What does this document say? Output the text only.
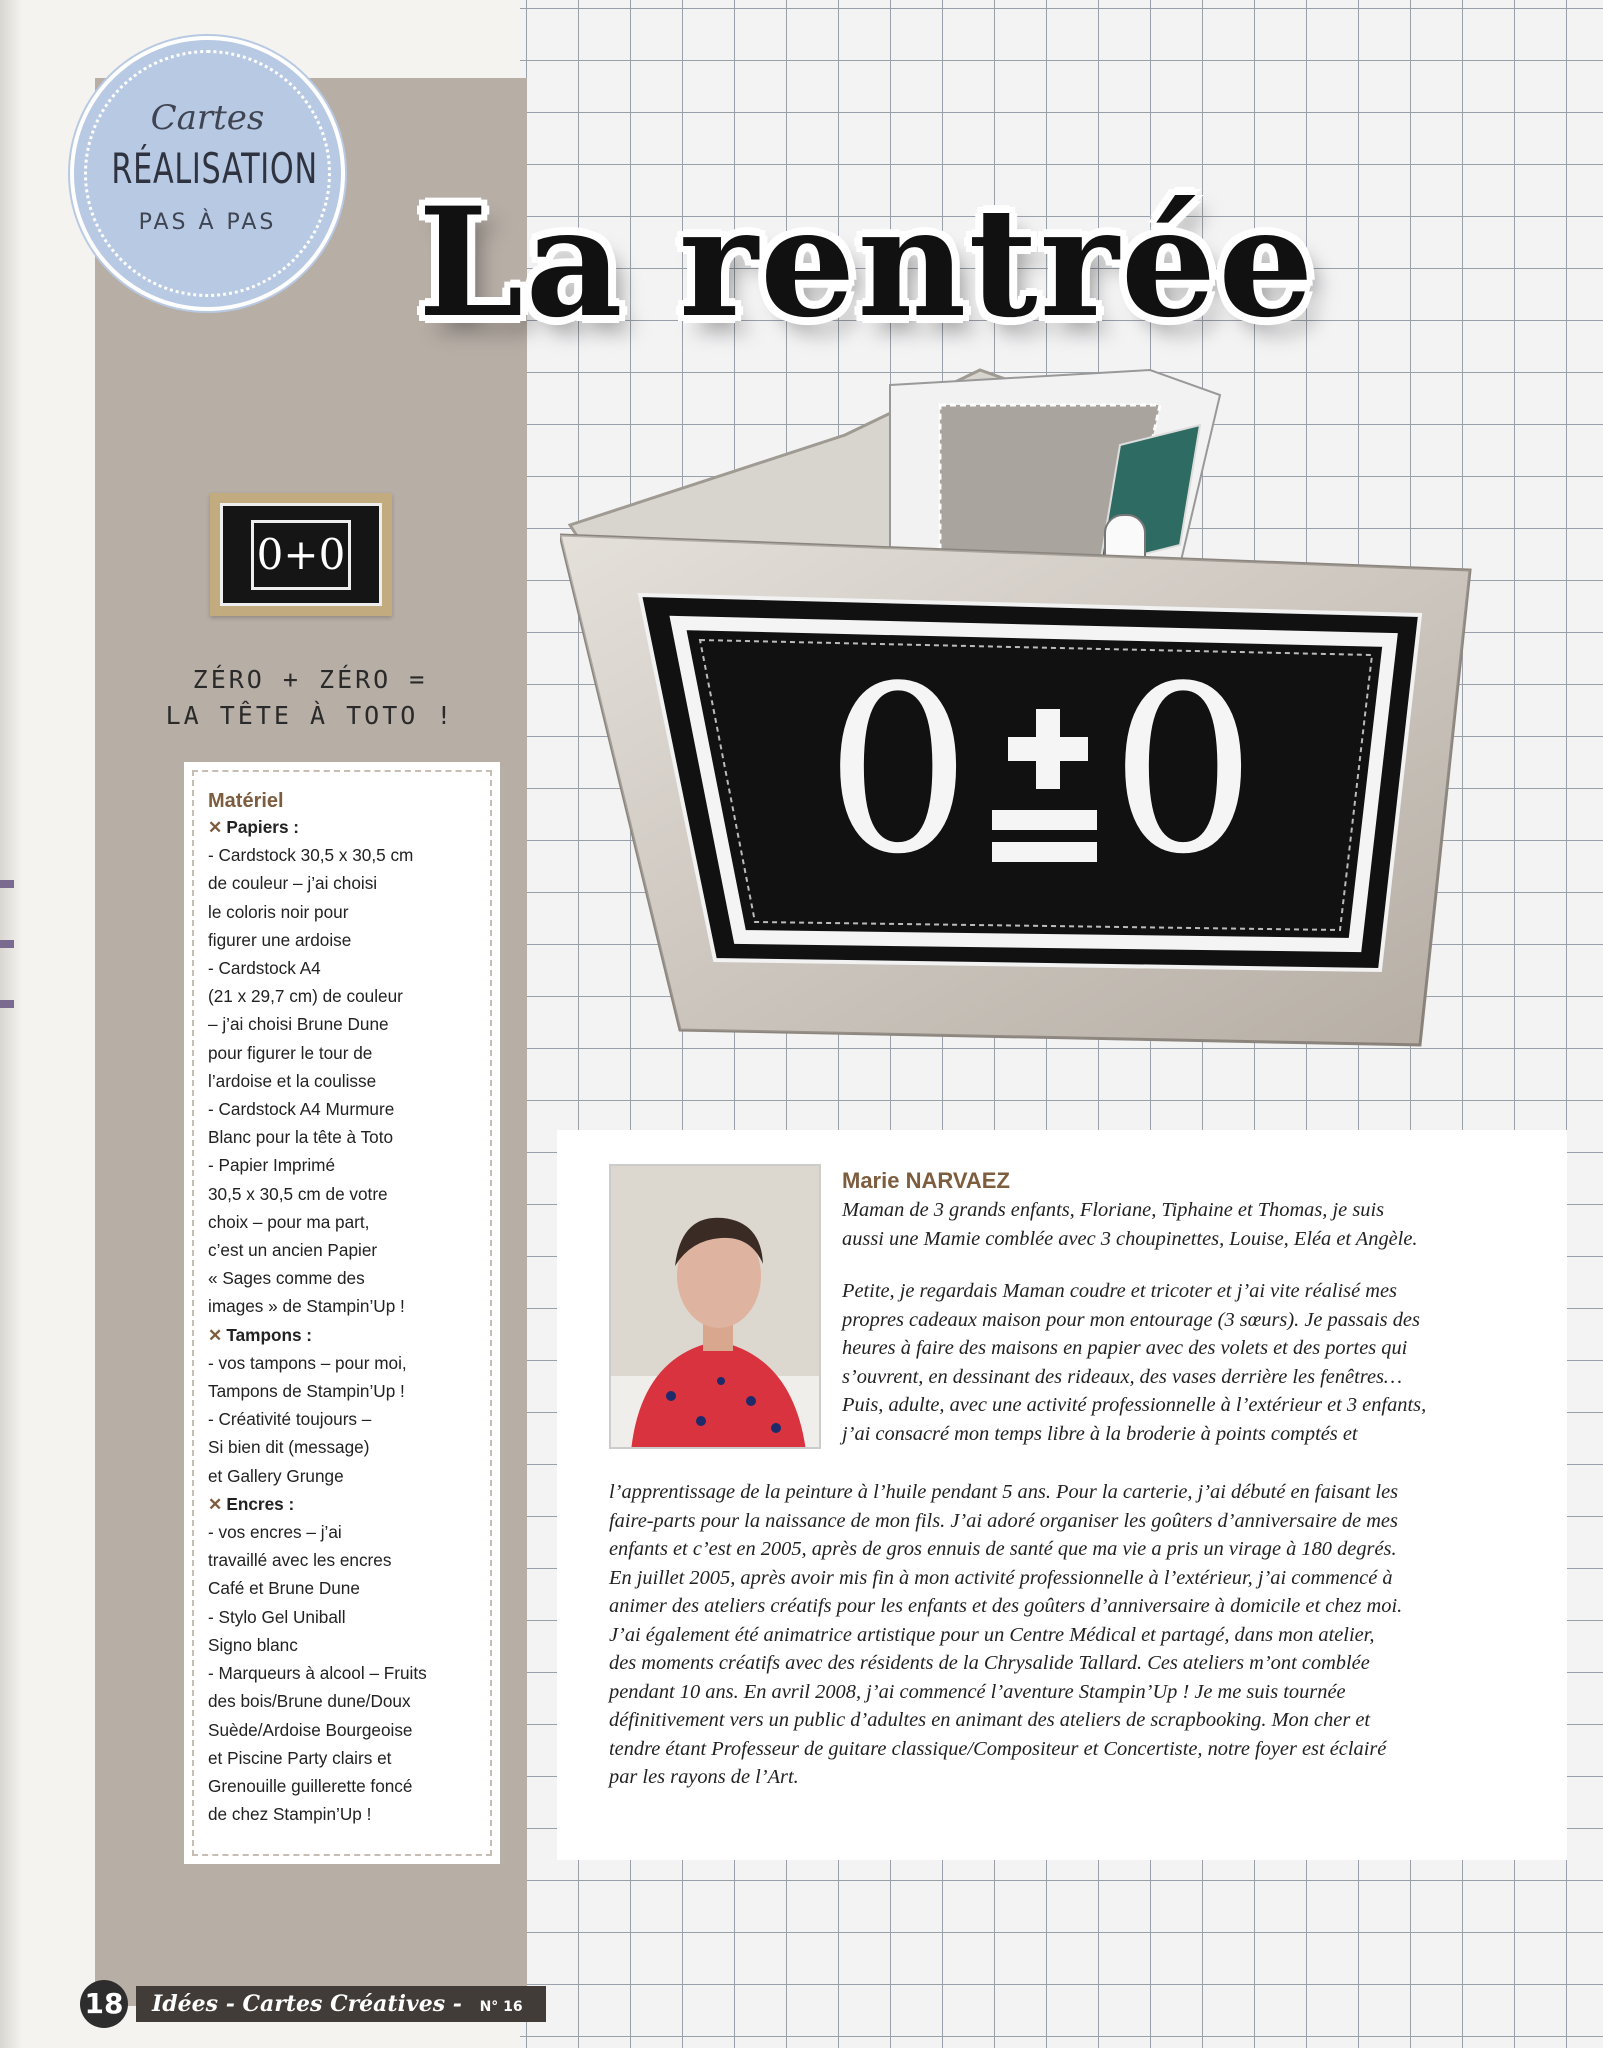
Cartes
RÉALISATION
PAS À PAS La rentrée
0+0
ZÉRO + ZÉRO =
LA TÊTE À TOTO !
Matériel
✕ Papiers :
- Cardstock 30,5 x 30,5 cm
de couleur – j’ai choisi
le coloris noir pour
figurer une ardoise
- Cardstock A4
(21 x 29,7 cm) de couleur
– j’ai choisi Brune Dune
pour figurer le tour de
l’ardoise et la coulisse
- Cardstock A4 Murmure
Blanc pour la tête à Toto
- Papier Imprimé
30,5 x 30,5 cm de votre
choix – pour ma part,
c’est un ancien Papier
« Sages comme des
images » de Stampin’Up !
✕ Tampons :
- vos tampons – pour moi,
Tampons de Stampin’Up !
- Créativité toujours –
Si bien dit (message)
et Gallery Grunge
✕ Encres :
- vos encres – j’ai
travaillé avec les encres
Café et Brune Dune
- Stylo Gel Uniball
Signo blanc
- Marqueurs à alcool – Fruits
des bois/Brune dune/Doux
Suède/Ardoise Bourgeoise
et Piscine Party clairs et
Grenouille guillerette foncé
de chez Stampin’Up !
0 0
Marie NARVAEZ
Maman de 3 grands enfants, Floriane, Tiphaine et Thomas, je suis
aussi une Mamie comblée avec 3 choupinettes, Louise, Eléa et Angèle.
Petite, je regardais Maman coudre et tricoter et j’ai vite réalisé mes
propres cadeaux maison pour mon entourage (3 sœurs). Je passais des
heures à faire des maisons en papier avec des volets et des portes qui
s’ouvrent, en dessinant des rideaux, des vases derrière les fenêtres…
Puis, adulte, avec une activité professionnelle à l’extérieur et 3 enfants,
j’ai consacré mon temps libre à la broderie à points comptés et
l’apprentissage de la peinture à l’huile pendant 5 ans. Pour la carterie, j’ai débuté en faisant les
faire-parts pour la naissance de mon fils. J’ai adoré organiser les goûters d’anniversaire de mes
enfants et c’est en 2005, après de gros ennuis de santé que ma vie a pris un virage à 180 degrés.
En juillet 2005, après avoir mis fin à mon activité professionnelle à l’extérieur, j’ai commencé à
animer des ateliers créatifs pour les enfants et des goûters d’anniversaire à domicile et chez moi.
J’ai également été animatrice artistique pour un Centre Médical et partagé, dans mon atelier,
des moments créatifs avec des résidents de la Chrysalide Tallard. Ces ateliers m’ont comblée
pendant 10 ans. En avril 2008, j’ai commencé l’aventure Stampin’Up ! Je me suis tournée
définitivement vers un public d’adultes en animant des ateliers de scrapbooking. Mon cher et
tendre étant Professeur de guitare classique/Compositeur et Concertiste, notre foyer est éclairé
par les rayons de l’Art.
18	Idées - Cartes Créatives - N° 16
